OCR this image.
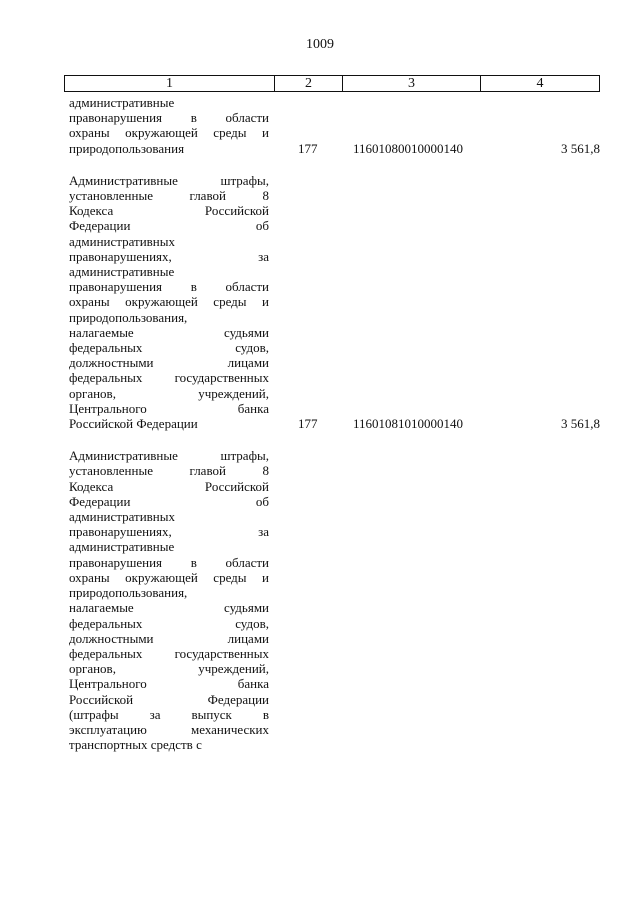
1009
1	2	3	4
административные
правонарушения в области
охраны окружающей среды и
природопользования	177	11601080010000140	3 561,8
Административные штрафы,
установленные главой 8
Кодекса Российской
Федерации об
административных
правонарушениях, за
административные
правонарушения в области
охраны окружающей среды и
природопользования,
налагаемые судьями
федеральных судов,
должностными лицами
федеральных государственных
органов, учреждений,
Центрального банка
Российской Федерации	177	11601081010000140	3 561,8
Административные штрафы,
установленные главой 8
Кодекса Российской
Федерации об
административных
правонарушениях, за
административные
правонарушения в области
охраны окружающей среды и
природопользования,
налагаемые судьями
федеральных судов,
должностными лицами
федеральных государственных
органов, учреждений,
Центрального банка
Российской Федерации
(штрафы за выпуск в
эксплуатацию механических
транспортных средств с
